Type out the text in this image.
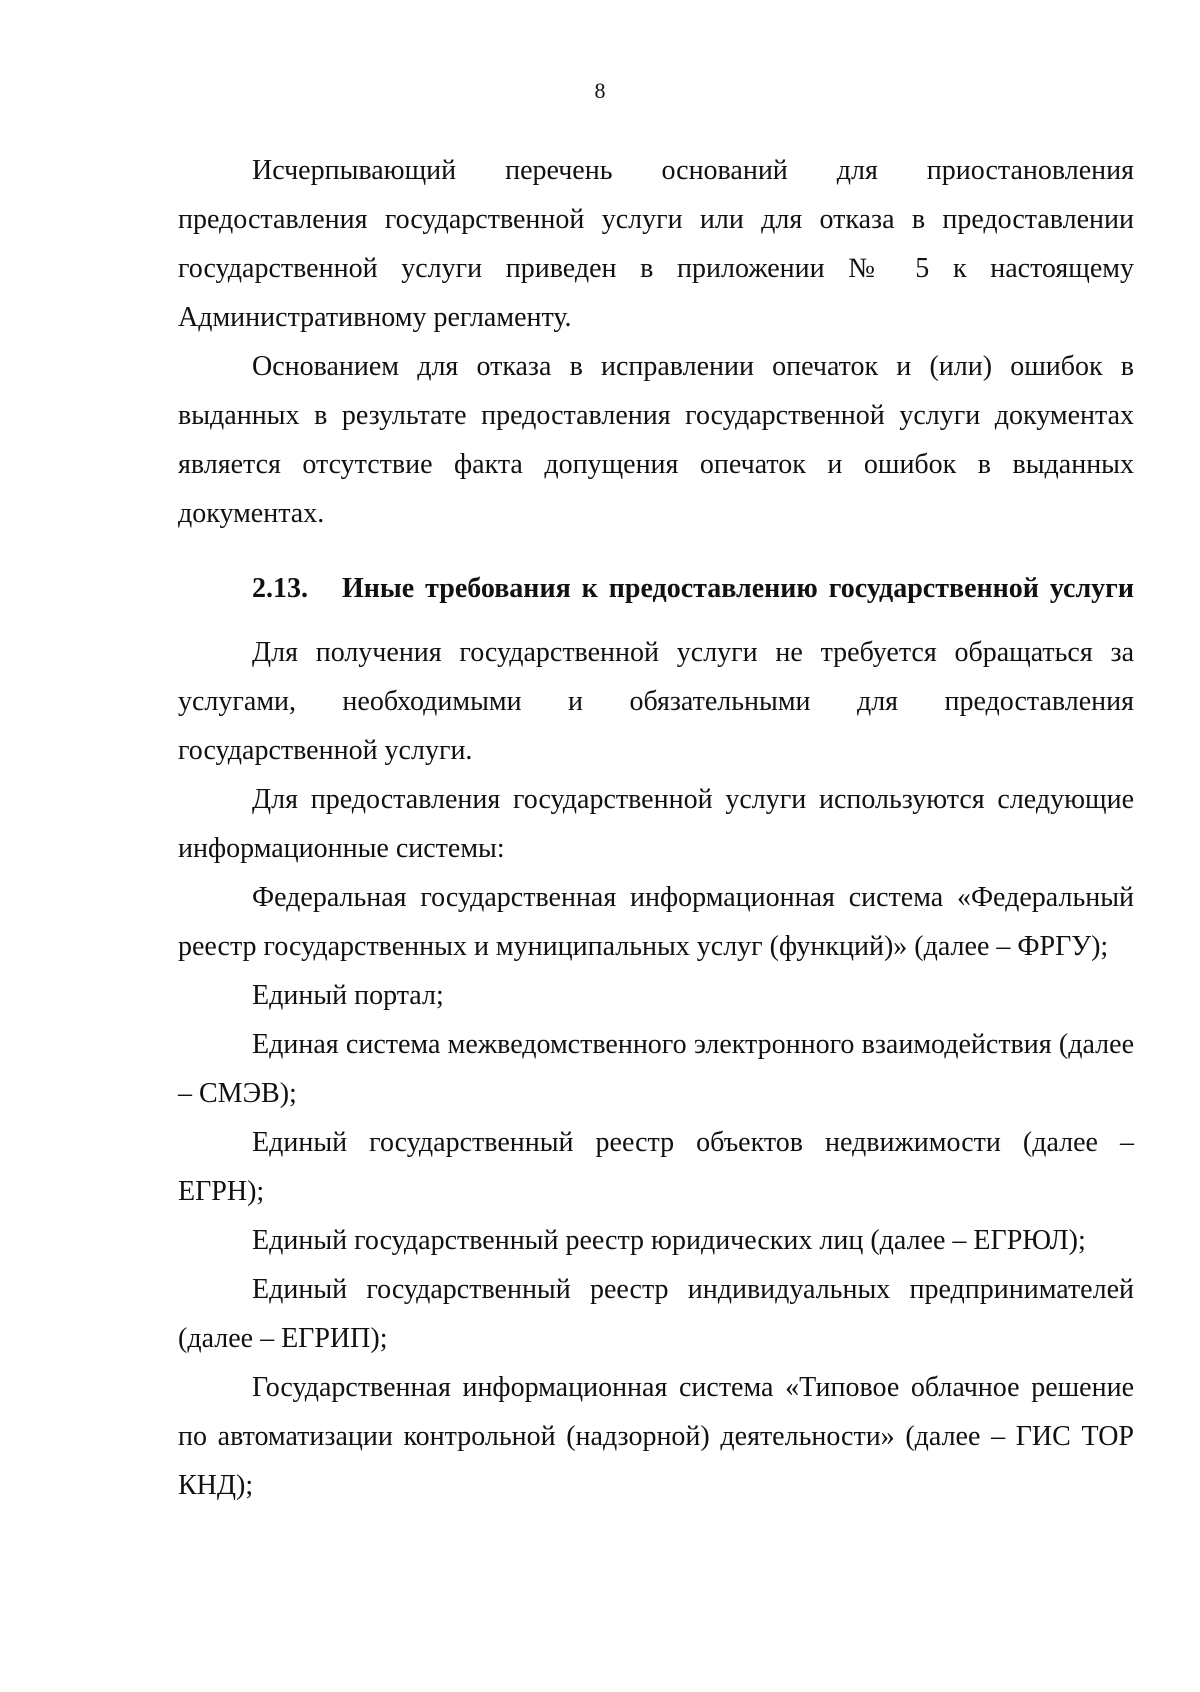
8

Исчерпывающий перечень оснований для приостановления предоставления государственной услуги или для отказа в предоставлении государственной услуги приведен в приложении № 5 к настоящему Административному регламенту.

Основанием для отказа в исправлении опечаток и (или) ошибок в выданных в результате предоставления государственной услуги документах является отсутствие факта допущения опечаток и ошибок в выданных документах.

2.13. Иные требования к предоставлению государственной услуги

Для получения государственной услуги не требуется обращаться за услугами, необходимыми и обязательными для предоставления государственной услуги.

Для предоставления государственной услуги используются следующие информационные системы:

Федеральная государственная информационная система «Федеральный реестр государственных и муниципальных услуг (функций)» (далее – ФРГУ);

Единый портал;

Единая система межведомственного электронного взаимодействия (далее – СМЭВ);

Единый государственный реестр объектов недвижимости (далее – ЕГРН);

Единый государственный реестр юридических лиц (далее – ЕГРЮЛ);

Единый государственный реестр индивидуальных предпринимателей (далее – ЕГРИП);

Государственная информационная система «Типовое облачное решение по автоматизации контрольной (надзорной) деятельности» (далее – ГИС ТОР КНД);
